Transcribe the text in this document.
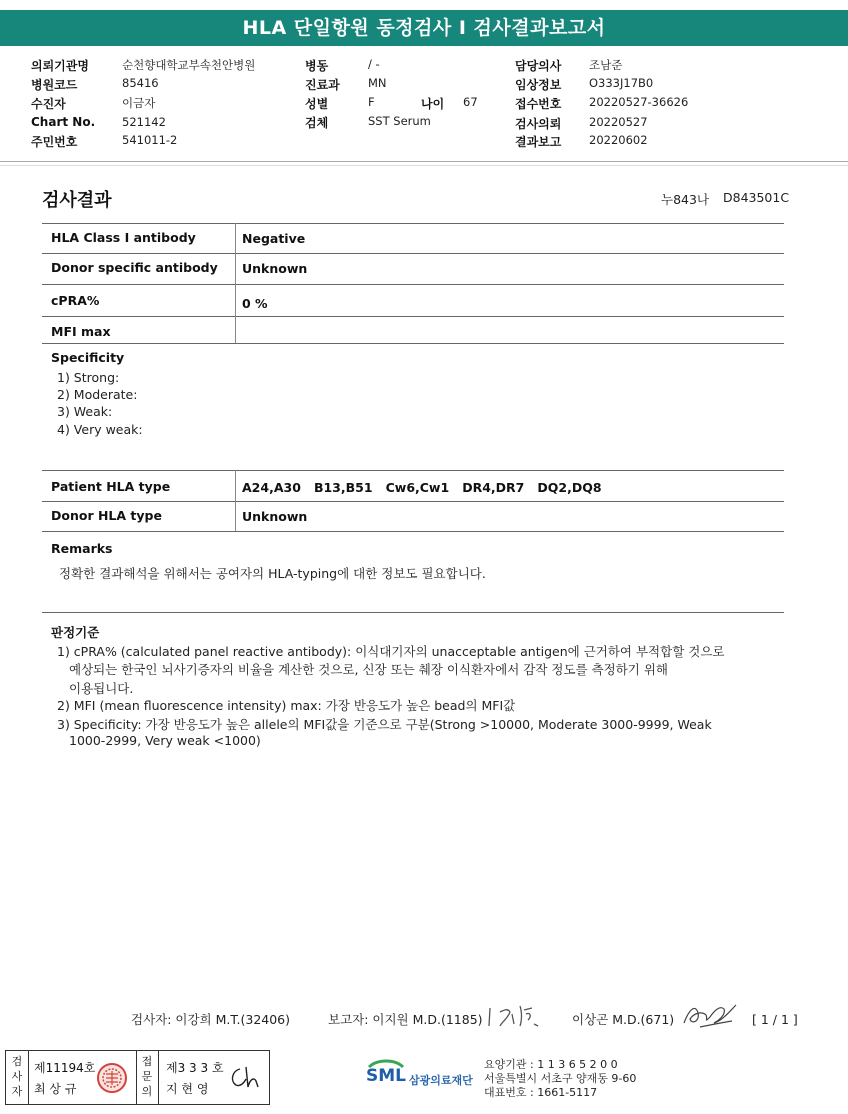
HLA 단일항원 동정검사 I 검사결과보고서
의뢰기관명	순천향대학교부속천안병원
병원코드	85416
수진자	이금자
Chart No. 521142
주민번호	541011-2
병동	/ -
진료과 MN
성별	F	나이 67
검체	SST Serum
담당의사 조남준
임상정보 O333J17B0
접수번호 20220527-36626
검사의뢰 20220527
결과보고 20220602
검사결과	누843나 D843501C
HLA Class I antibody	Negative
Donor specific antibody Unknown
cPRA%	0 %
MFI max
Specificity
1) Strong:
2) Moderate:
3) Weak:
4) Very weak:
Patient HLA type	A24,A30   B13,B51   Cw6,Cw1   DR4,DR7   DQ2,DQ8
Donor HLA type	Unknown
Remarks
정확한 결과해석을 위해서는 공여자의 HLA-typing에 대한 정보도 필요합니다.
판정기준
1) cPRA% (calculated panel reactive antibody): 이식대기자의 unacceptable antigen에 근거하여 부적합할 것으로
예상되는 한국인 뇌사기증자의 비율을 계산한 것으로, 신장 또는 췌장 이식환자에서 감작 정도를 측정하기 위해
이용됩니다.
2) MFI (mean fluorescence intensity) max: 가장 반응도가 높은 bead의 MFI값
3) Specificity: 가장 반응도가 높은 allele의 MFI값을 기준으로 구분(Strong >10000, Moderate 3000-9999, Weak
1000-2999, Very weak <1000)
검사자: 이강희 M.T.(32406)	보고자: 이지원 M.D.(1185)	이상곤 M.D.(671)	[ 1 / 1 ]
검
사
자
제11194호
최 상 규
접
문
의
제3 3 3 호
지 현 영
SML 삼광의료재단
요양기관 : 1 1 3 6 5 2 0 0
서울특별시 서초구 양재동 9-60
대표번호 : 1661-5117
